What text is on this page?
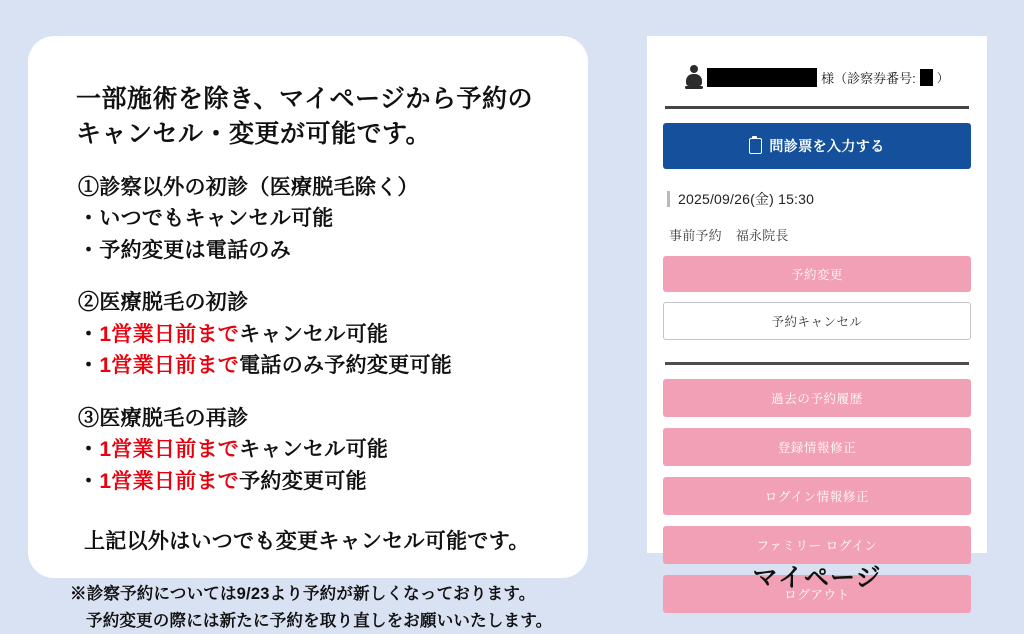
一部施術を除き、マイページから予約の
キャンセル・変更が可能です。
①診察以外の初診（医療脱毛除く）
・いつでもキャンセル可能
・予約変更は電話のみ
②医療脱毛の初診
・1営業日前までキャンセル可能
・1営業日前まで電話のみ予約変更可能
③医療脱毛の再診
・1営業日前までキャンセル可能
・1営業日前まで予約変更可能
上記以外はいつでも変更キャンセル可能です。
※診察予約については9/23より予約が新しくなっております。
予約変更の際には新たに予約を取り直しをお願いいたします。
様（診察券番号: ）
問診票を入力する
2025/09/26(金) 15:30
事前予約 福永院長
予約変更
予約キャンセル
過去の予約履歴
登録情報修正
ログイン情報修正
ファミリー ログイン
ログアウト
マイページ
